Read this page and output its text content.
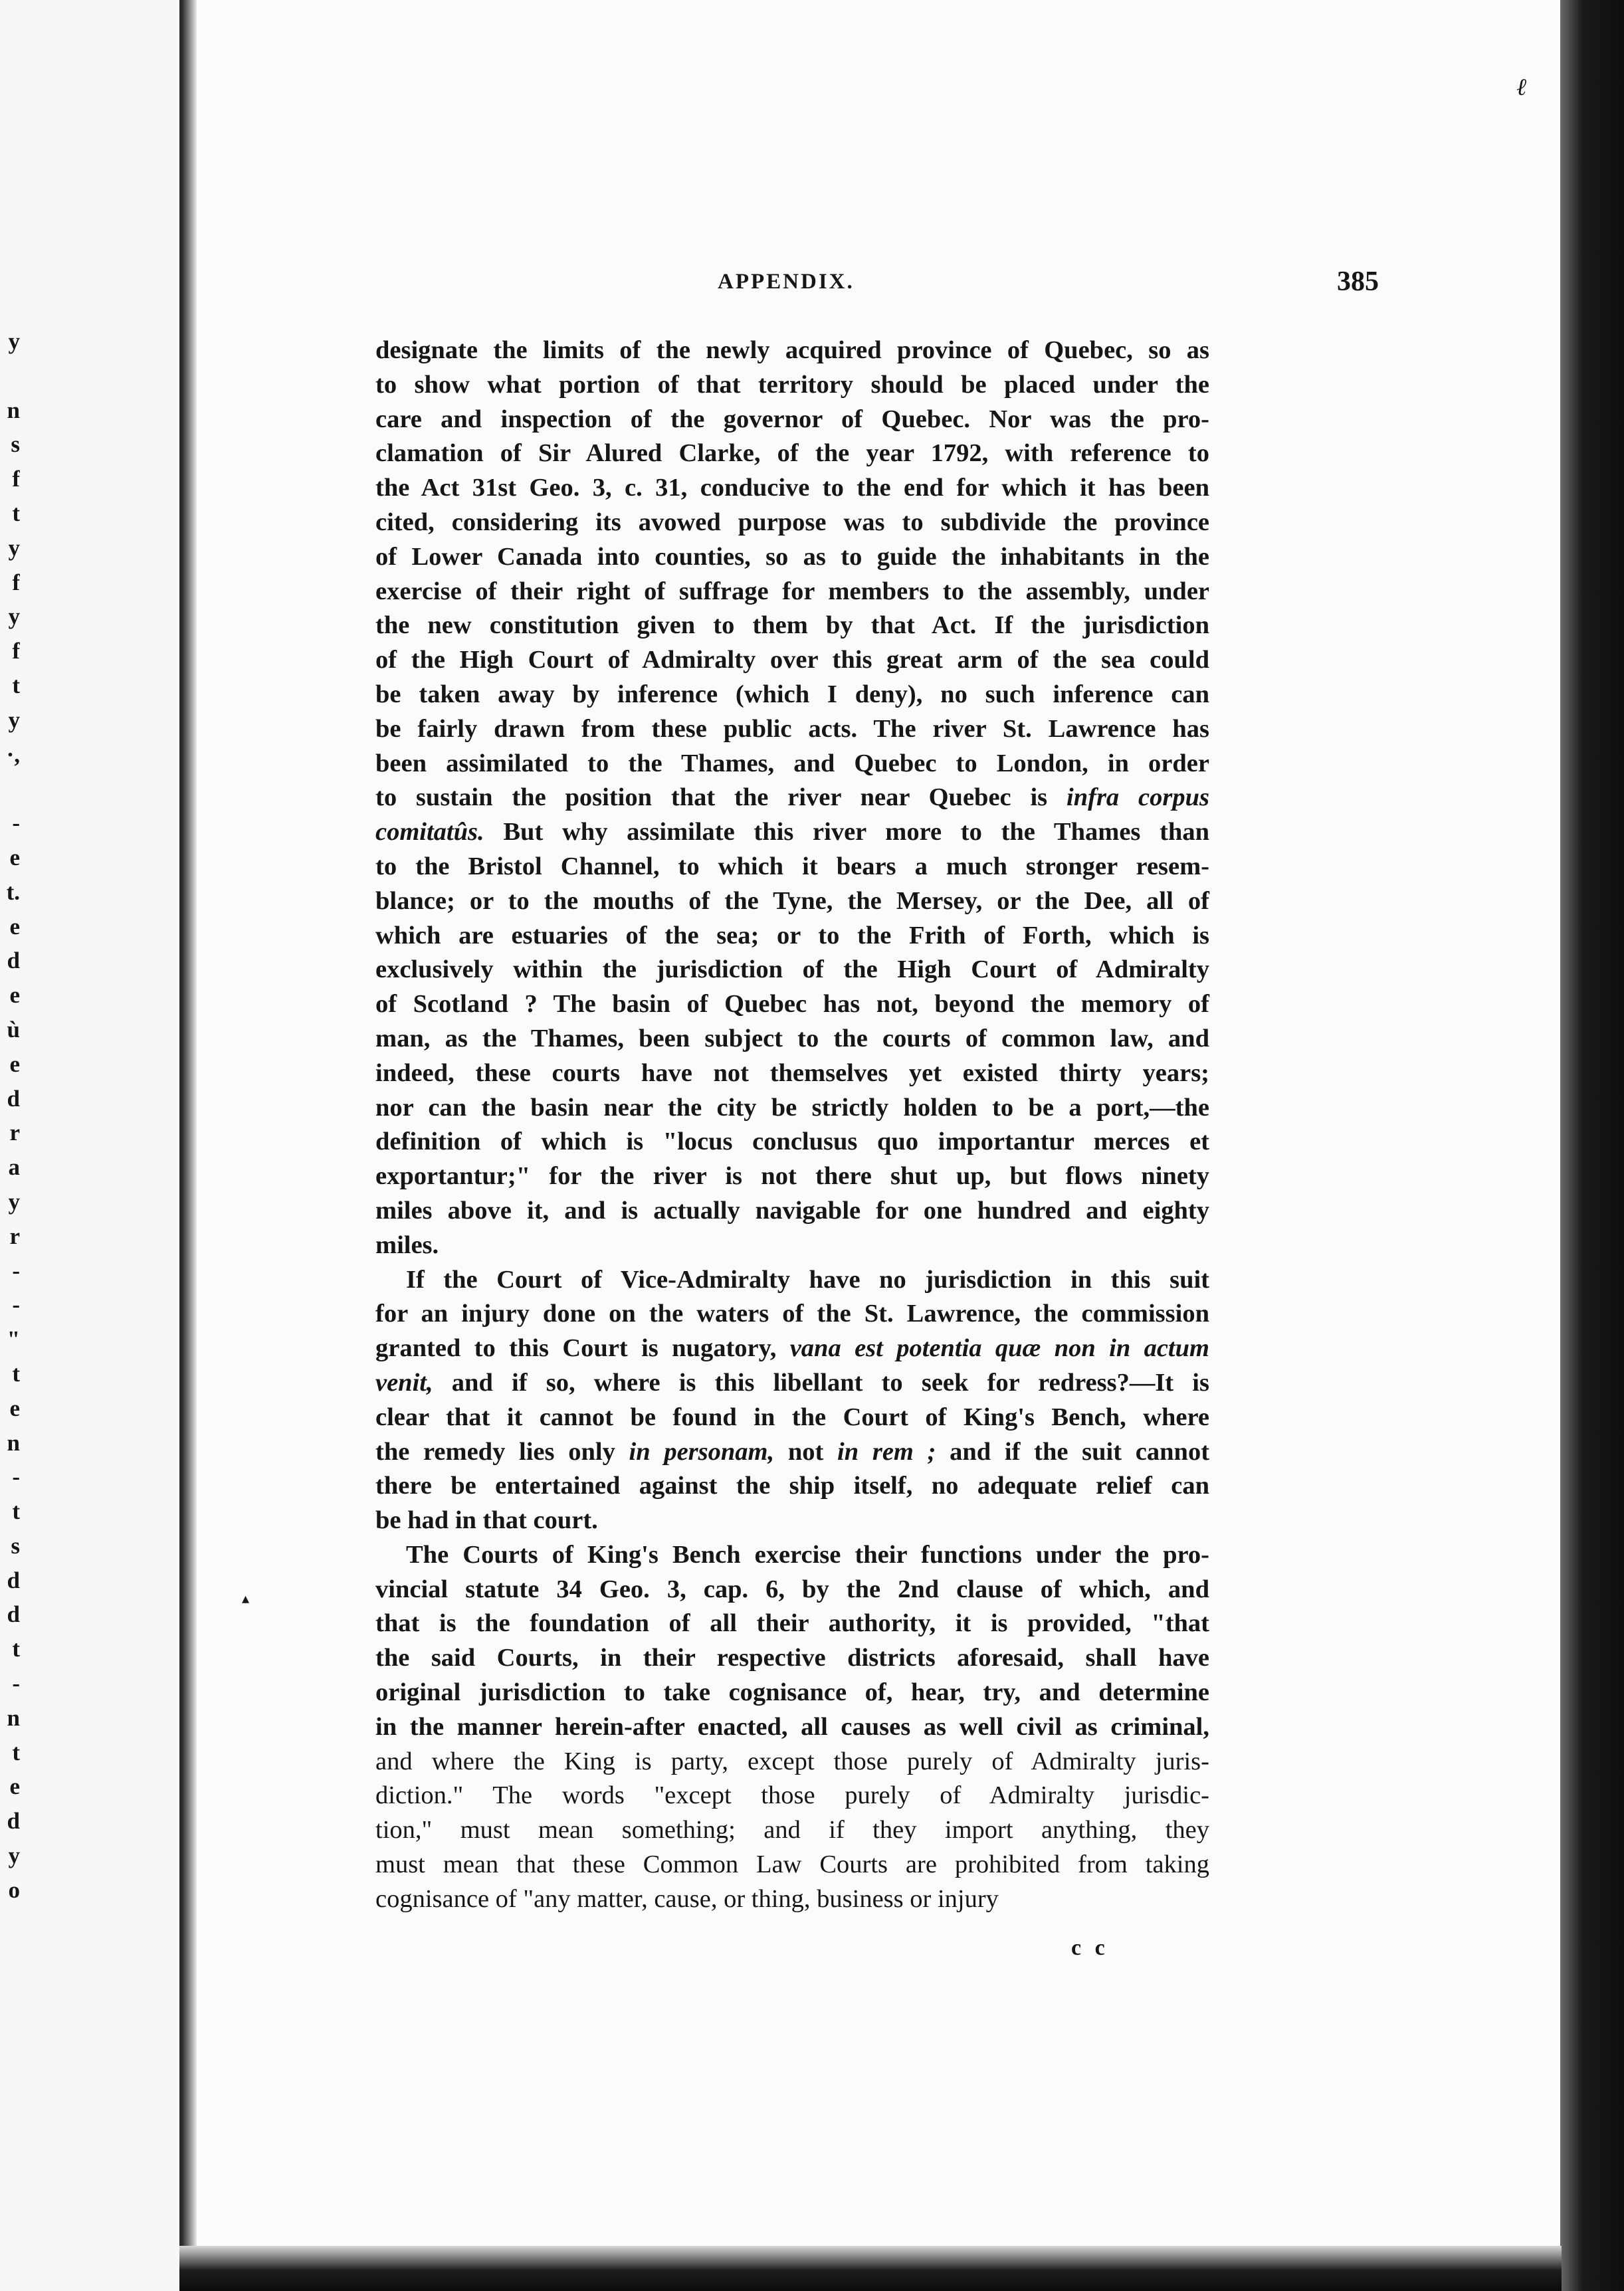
y
n
s
f
t
y
f
y
f
t
y
·,
-
e
t.
e
d
e
ù
e
d
r
a
y
r
-
-
"
t
e
n
-
t
s
d
d
t
-
n
t
e
d
y
o
ℓ
APPENDIX.	385
designate the limits of the newly acquired province of Quebec, so as
to show what portion of that territory should be placed under the
care and inspection of the governor of Quebec. Nor was the pro-
clamation of Sir Alured Clarke, of the year 1792, with reference to
the Act 31st Geo. 3, c. 31, conducive to the end for which it has been
cited, considering its avowed purpose was to subdivide the province
of Lower Canada into counties, so as to guide the inhabitants in the
exercise of their right of suffrage for members to the assembly, under
the new constitution given to them by that Act. If the jurisdiction
of the High Court of Admiralty over this great arm of the sea could
be taken away by inference (which I deny), no such inference can
be fairly drawn from these public acts. The river St. Lawrence has
been assimilated to the Thames, and Quebec to London, in order
to sustain the position that the river near Quebec is infra corpus
comitatûs. But why assimilate this river more to the Thames than
to the Bristol Channel, to which it bears a much stronger resem-
blance; or to the mouths of the Tyne, the Mersey, or the Dee, all of
which are estuaries of the sea; or to the Frith of Forth, which is
exclusively within the jurisdiction of the High Court of Admiralty
of Scotland ? The basin of Quebec has not, beyond the memory of
man, as the Thames, been subject to the courts of common law, and
indeed, these courts have not themselves yet existed thirty years;
nor can the basin near the city be strictly holden to be a port,—the
definition of which is "locus conclusus quo importantur merces et
exportantur;" for the river is not there shut up, but flows ninety
miles above it, and is actually navigable for one hundred and eighty
miles.
If the Court of Vice-Admiralty have no jurisdiction in this suit
for an injury done on the waters of the St. Lawrence, the commission
granted to this Court is nugatory, vana est potentia quæ non in actum
venit, and if so, where is this libellant to seek for redress?—It is
clear that it cannot be found in the Court of King's Bench, where
the remedy lies only in personam, not in rem ; and if the suit cannot
there be entertained against the ship itself, no adequate relief can
be had in that court.
The Courts of King's Bench exercise their functions under the pro-
vincial statute 34 Geo. 3, cap. 6, by the 2nd clause of which, and
that is the foundation of all their authority, it is provided, "that
the said Courts, in their respective districts aforesaid, shall have
original jurisdiction to take cognisance of, hear, try, and determine
in the manner herein-after enacted, all causes as well civil as criminal,
and where the King is party, except those purely of Admiralty juris-
diction." The words "except those purely of Admiralty jurisdic-
tion," must mean something; and if they import anything, they
must mean that these Common Law Courts are prohibited from taking
cognisance of "any matter, cause, or thing, business or injury
▴
c c
